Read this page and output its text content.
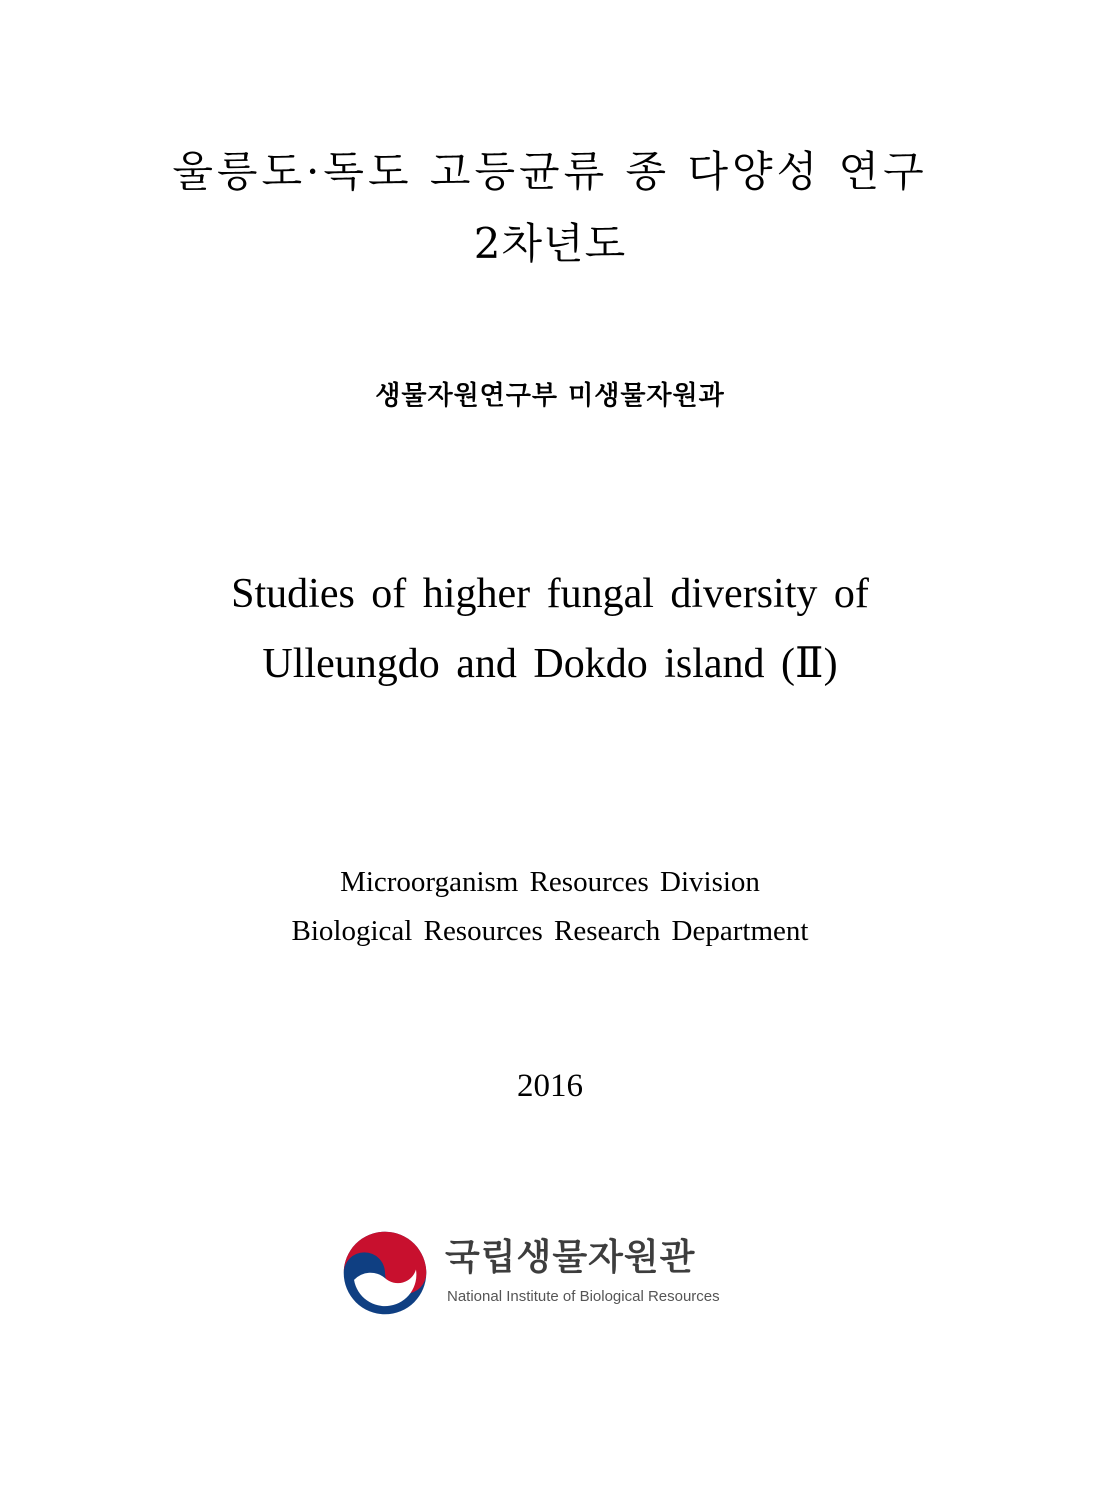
울릉도·독도 고등균류 종 다양성 연구
2차년도
생물자원연구부 미생물자원과
Studies of higher fungal diversity of
Ulleungdo and Dokdo island (Ⅱ)
Microorganism Resources Division
Biological Resources Research Department
2016
국립생물자원관
National Institute of Biological Resources
